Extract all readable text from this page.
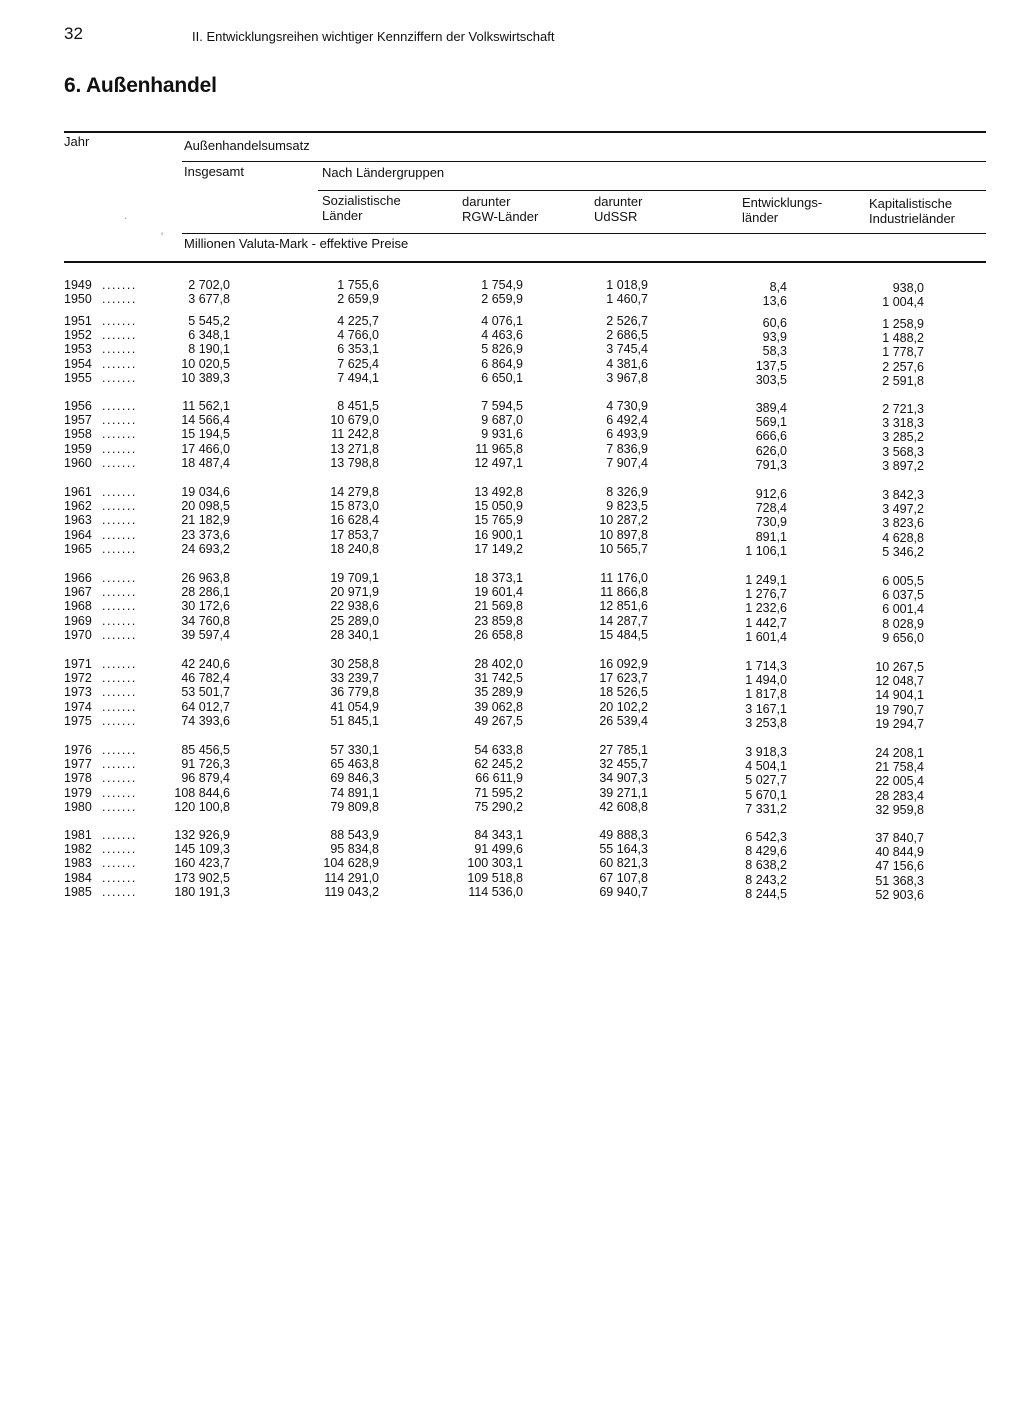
32	II. Entwicklungsreihen wichtiger Kennziffern der Volkswirtschaft
6. Außenhandel
Jahr	Außenhandelsumsatz
Insgesamt	Nach Ländergruppen
Sozialistische
Länder
darunter
RGW-Länder
darunter
UdSSR
Entwicklungs-
länder
Kapitalistische
Industrieländer
Millionen Valuta-Mark - effektive Preise
.
'
1949 .......	2 702,0	1 755,6	1 754,9	1 018,9	8,4	938,0
1950 .......	3 677,8	2 659,9	2 659,9	1 460,7	13,6	1 004,4
1951 .......	5 545,2	4 225,7	4 076,1	2 526,7	60,6	1 258,9
1952 .......	6 348,1	4 766,0	4 463,6	2 686,5	93,9	1 488,2
1953 .......	8 190,1	6 353,1	5 826,9	3 745,4	58,3	1 778,7
1954 .......	10 020,5	7 625,4	6 864,9	4 381,6	137,5	2 257,6
1955 .......	10 389,3	7 494,1	6 650,1	3 967,8	303,5	2 591,8
1956 .......	11 562,1	8 451,5	7 594,5	4 730,9	389,4	2 721,3
1957 .......	14 566,4	10 679,0	9 687,0	6 492,4	569,1	3 318,3
1958 .......	15 194,5	11 242,8	9 931,6	6 493,9	666,6	3 285,2
1959 .......	17 466,0	13 271,8	11 965,8	7 836,9	626,0	3 568,3
1960 .......	18 487,4	13 798,8	12 497,1	7 907,4	791,3	3 897,2
1961 .......	19 034,6	14 279,8	13 492,8	8 326,9	912,6	3 842,3
1962 .......	20 098,5	15 873,0	15 050,9	9 823,5	728,4	3 497,2
1963 .......	21 182,9	16 628,4	15 765,9	10 287,2	730,9	3 823,6
1964 .......	23 373,6	17 853,7	16 900,1	10 897,8	891,1	4 628,8
1965 .......	24 693,2	18 240,8	17 149,2	10 565,7	1 106,1	5 346,2
1966 .......	26 963,8	19 709,1	18 373,1	11 176,0	1 249,1	6 005,5
1967 .......	28 286,1	20 971,9	19 601,4	11 866,8	1 276,7	6 037,5
1968 .......	30 172,6	22 938,6	21 569,8	12 851,6	1 232,6	6 001,4
1969 .......	34 760,8	25 289,0	23 859,8	14 287,7	1 442,7	8 028,9
1970 .......	39 597,4	28 340,1	26 658,8	15 484,5	1 601,4	9 656,0
1971 .......	42 240,6	30 258,8	28 402,0	16 092,9	1 714,3	10 267,5
1972 .......	46 782,4	33 239,7	31 742,5	17 623,7	1 494,0	12 048,7
1973 .......	53 501,7	36 779,8	35 289,9	18 526,5	1 817,8	14 904,1
1974 .......	64 012,7	41 054,9	39 062,8	20 102,2	3 167,1	19 790,7
1975 .......	74 393,6	51 845,1	49 267,5	26 539,4	3 253,8	19 294,7
1976 .......	85 456,5	57 330,1	54 633,8	27 785,1	3 918,3	24 208,1
1977 .......	91 726,3	65 463,8	62 245,2	32 455,7	4 504,1	21 758,4
1978 .......	96 879,4	69 846,3	66 611,9	34 907,3	5 027,7	22 005,4
1979 .......	108 844,6	74 891,1	71 595,2	39 271,1	5 670,1	28 283,4
1980 .......	120 100,8	79 809,8	75 290,2	42 608,8	7 331,2	32 959,8
1981 .......	132 926,9	88 543,9	84 343,1	49 888,3	6 542,3	37 840,7
1982 .......	145 109,3	95 834,8	91 499,6	55 164,3	8 429,6	40 844,9
1983 .......	160 423,7	104 628,9	100 303,1	60 821,3	8 638,2	47 156,6
1984 .......	173 902,5	114 291,0	109 518,8	67 107,8	8 243,2	51 368,3
1985 .......	180 191,3	119 043,2	114 536,0	69 940,7	8 244,5	52 903,6
